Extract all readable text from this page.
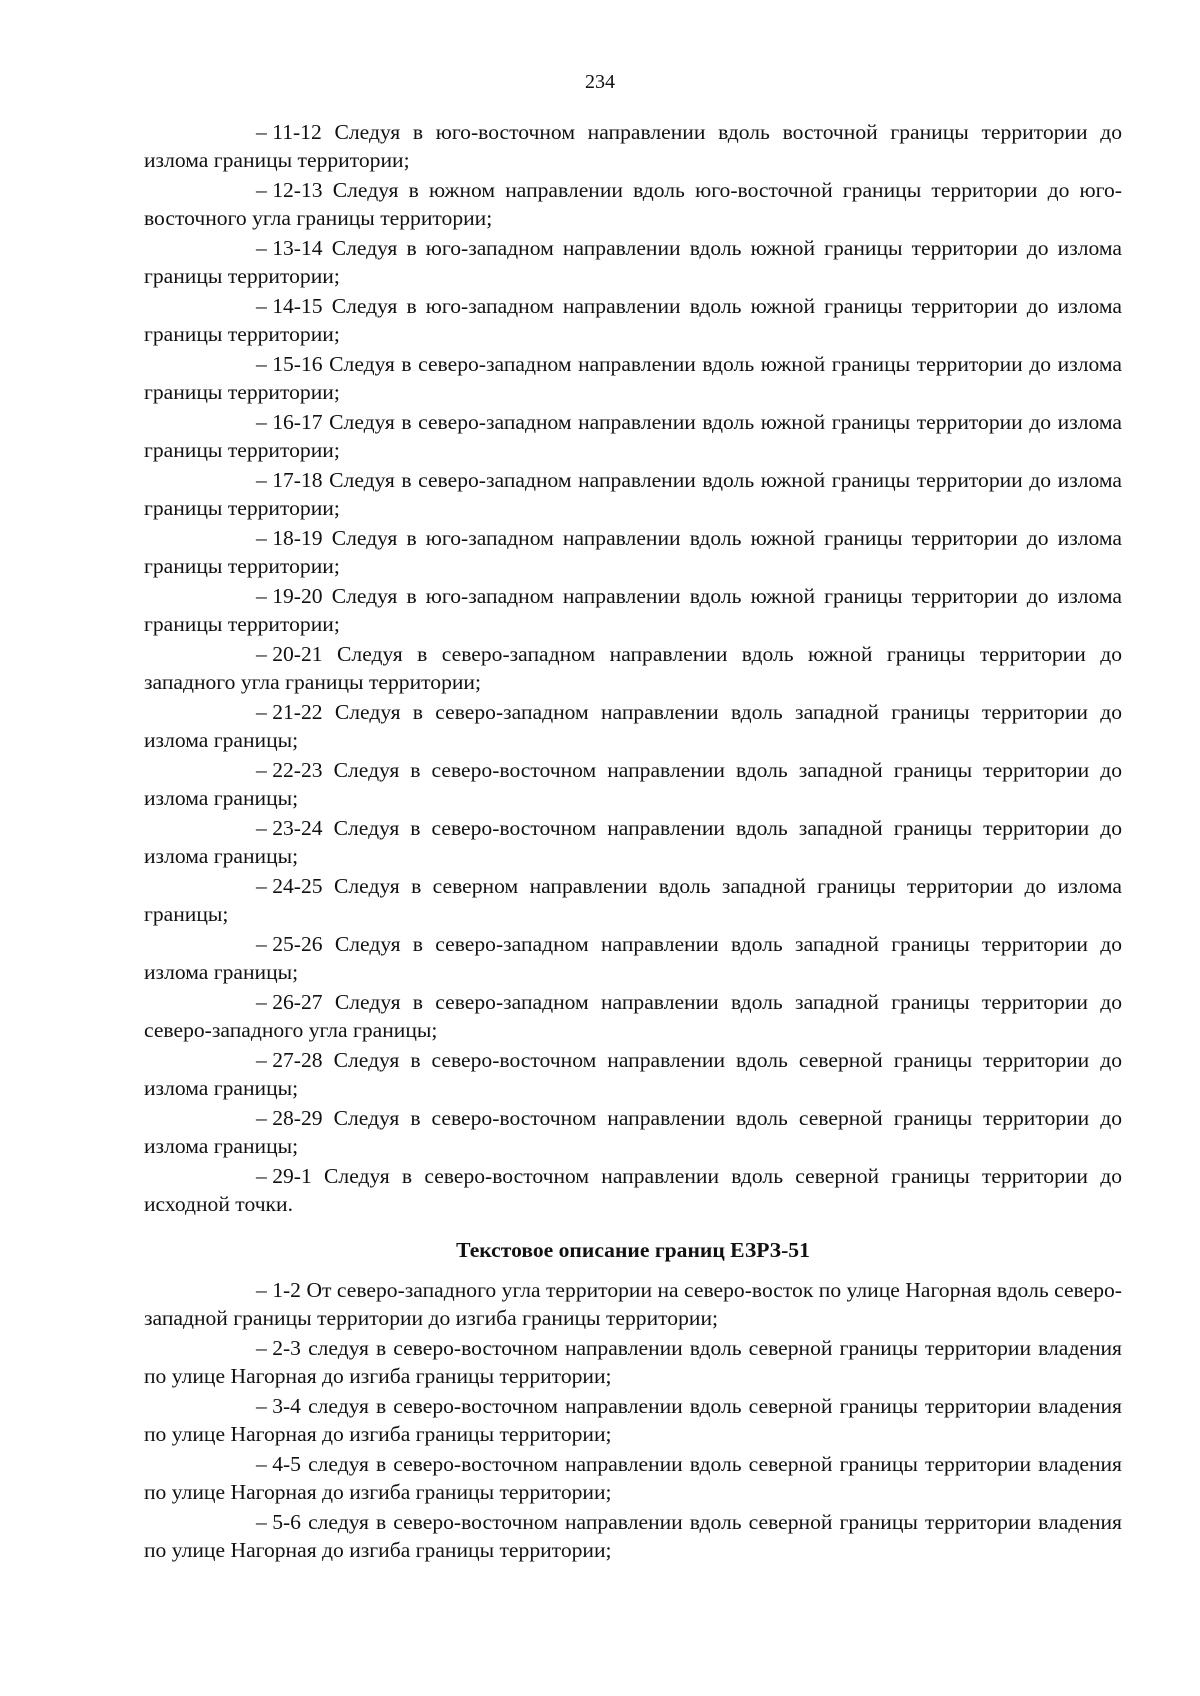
234

– 11-12 Следуя в юго-восточном направлении вдоль восточной границы территории до излома границы территории;

– 12-13 Следуя в южном направлении вдоль юго-восточной границы территории до юго-восточного угла границы территории;

– 13-14 Следуя в юго-западном направлении вдоль южной границы территории до излома границы территории;

– 14-15 Следуя в юго-западном направлении вдоль южной границы территории до излома границы территории;

– 15-16 Следуя в северо-западном направлении вдоль южной границы территории до излома границы территории;

– 16-17 Следуя в северо-западном направлении вдоль южной границы территории до излома границы территории;

– 17-18 Следуя в северо-западном направлении вдоль южной границы территории до излома границы территории;

– 18-19 Следуя в юго-западном направлении вдоль южной границы территории до излома границы территории;

– 19-20 Следуя в юго-западном направлении вдоль южной границы территории до излома границы территории;

– 20-21 Следуя в северо-западном направлении вдоль южной границы территории до западного угла границы территории;

– 21-22 Следуя в северо-западном направлении вдоль западной границы территории до излома границы;

– 22-23 Следуя в северо-восточном направлении вдоль западной границы территории до излома границы;

– 23-24 Следуя в северо-восточном направлении вдоль западной границы территории до излома границы;

– 24-25 Следуя в северном направлении вдоль западной границы территории до излома границы;

– 25-26 Следуя в северо-западном направлении вдоль западной границы территории до излома границы;

– 26-27 Следуя в северо-западном направлении вдоль западной границы территории до северо-западного угла границы;

– 27-28 Следуя в северо-восточном направлении вдоль северной границы территории до излома границы;

– 28-29 Следуя в северо-восточном направлении вдоль северной границы территории до излома границы;

– 29-1 Следуя в северо-восточном направлении вдоль северной границы территории до исходной точки.

Текстовое описание границ ЕЗРЗ-51

– 1-2 От северо-западного угла территории на северо-восток по улице Нагорная вдоль северо-западной границы территории до изгиба границы территории;

– 2-3 следуя в северо-восточном направлении вдоль северной границы территории владения по улице Нагорная до изгиба границы территории;

– 3-4 следуя в северо-восточном направлении вдоль северной границы территории владения по улице Нагорная до изгиба границы территории;

– 4-5 следуя в северо-восточном направлении вдоль северной границы территории владения по улице Нагорная до изгиба границы территории;

– 5-6 следуя в северо-восточном направлении вдоль северной границы территории владения по улице Нагорная до изгиба границы территории;
